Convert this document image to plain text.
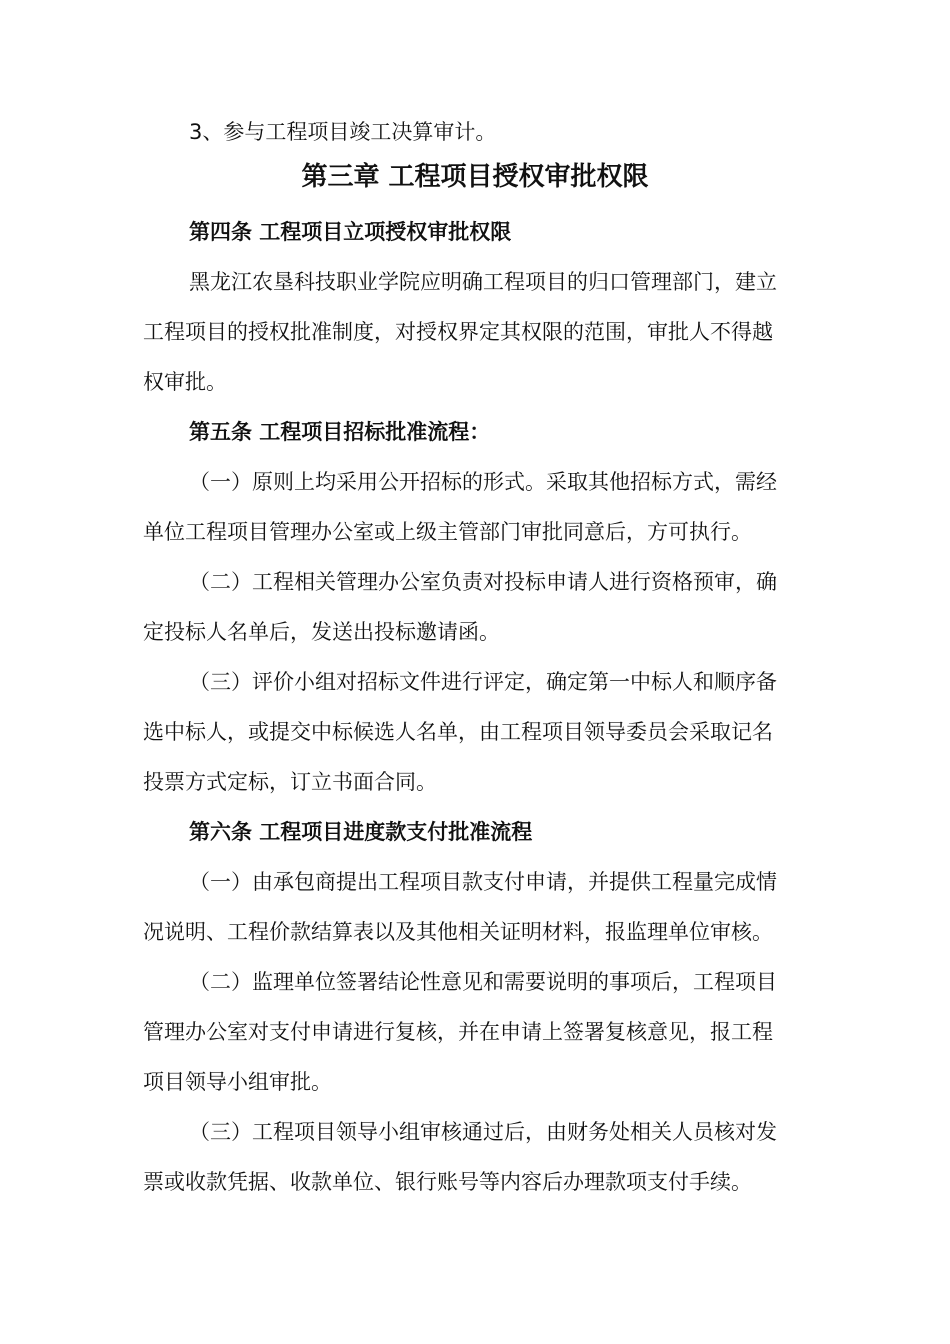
3、参与工程项目竣工决算审计。
第三章 工程项目授权审批权限
第四条 工程项目立项授权审批权限
黑龙江农垦科技职业学院应明确工程项目的归口管理部门，建立
工程项目的授权批准制度，对授权界定其权限的范围，审批人不得越
权审批。
第五条 工程项目招标批准流程：
（一）原则上均采用公开招标的形式。采取其他招标方式，需经
单位工程项目管理办公室或上级主管部门审批同意后，方可执行。
（二）工程相关管理办公室负责对投标申请人进行资格预审，确
定投标人名单后，发送出投标邀请函。
（三）评价小组对招标文件进行评定，确定第一中标人和顺序备
选中标人，或提交中标候选人名单，由工程项目领导委员会采取记名
投票方式定标，订立书面合同。
第六条 工程项目进度款支付批准流程
（一）由承包商提出工程项目款支付申请，并提供工程量完成情
况说明、工程价款结算表以及其他相关证明材料，报监理单位审核。
（二）监理单位签署结论性意见和需要说明的事项后，工程项目
管理办公室对支付申请进行复核，并在申请上签署复核意见，报工程
项目领导小组审批。
（三）工程项目领导小组审核通过后，由财务处相关人员核对发
票或收款凭据、收款单位、银行账号等内容后办理款项支付手续。
